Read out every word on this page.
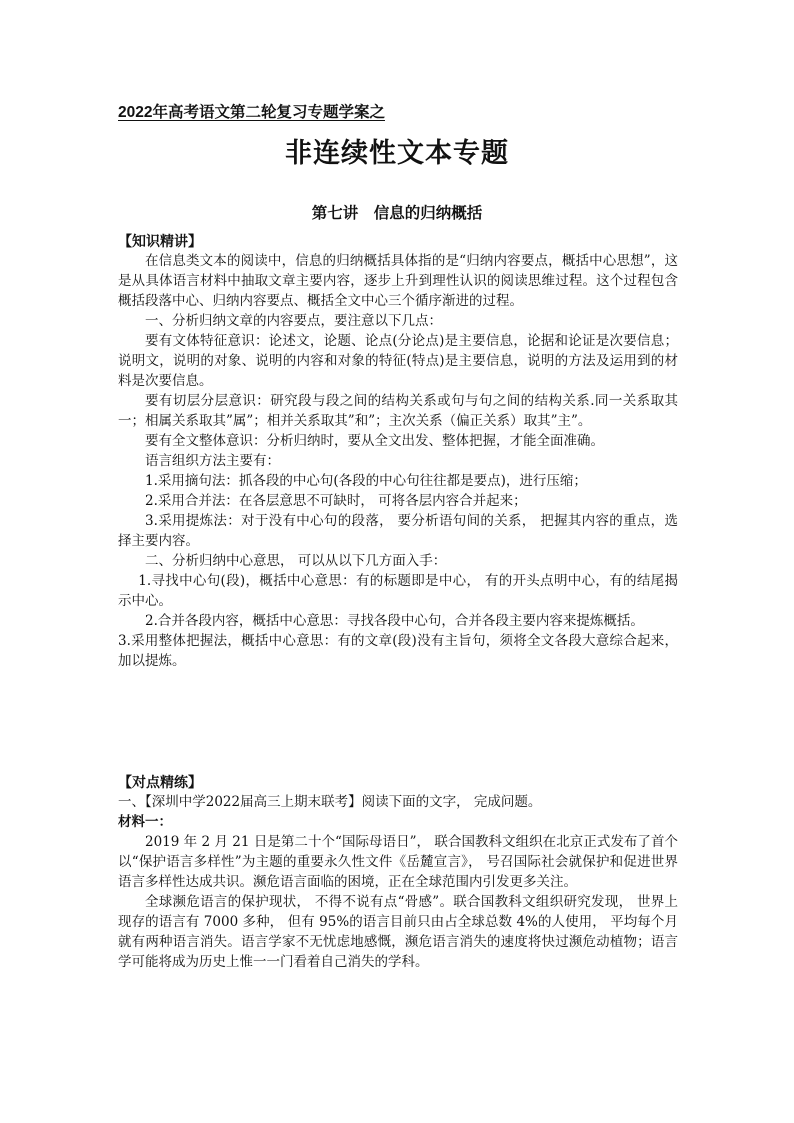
2022年高考语文第二轮复习专题学案之
非连续性文本专题
第七讲　信息的归纳概括
【知识精讲】

在信息类文本的阅读中，信息的归纳概括具体指的是“归纳内容要点，概括中心思想”，这是从具体语言材料中抽取文章主要内容，逐步上升到理性认识的阅读思维过程。这个过程包含概括段落中心、归纳内容要点、概括全文中心三个循序渐进的过程。

一、分析归纳文章的内容要点，要注意以下几点：

要有文体特征意识：论述文，论题、论点(分论点)是主要信息，论据和论证是次要信息；说明文，说明的对象、说明的内容和对象的特征(特点)是主要信息，说明的方法及运用到的材料是次要信息。

要有切层分层意识：研究段与段之间的结构关系或句与句之间的结构关系.同一关系取其一；相属关系取其”属”；相并关系取其”和”；主次关系（偏正关系）取其”主”。

要有全文整体意识：分析归纳时，要从全文出发、整体把握，才能全面准确。

语言组织方法主要有：

1.采用摘句法：抓各段的中心句(各段的中心句往往都是要点)，进行压缩；

2.采用合并法：在各层意思不可缺时， 可将各层内容合并起来；

3.采用提炼法：对于没有中心句的段落， 要分析语句间的关系， 把握其内容的重点，选择主要内容。

二、分析归纳中心意思， 可以从以下几方面入手：

1.寻找中心句(段)，概括中心意思：有的标题即是中心， 有的开头点明中心，有的结尾揭示中心。

2.合并各段内容，概括中心意思：寻找各段中心句，合并各段主要内容来提炼概括。

3.采用整体把握法，概括中心意思：有的文章(段)没有主旨句，须将全文各段大意综合起来，加以提炼。

【对点精练】

一、【深圳中学2022届高三上期末联考】阅读下面的文字， 完成问题。

材料一：

2019 年 2 月 21 日是第二十个“国际母语日”， 联合国教科文组织在北京正式发布了首个以“保护语言多样性”为主题的重要永久性文件《岳麓宣言》， 号召国际社会就保护和促进世界语言多样性达成共识。濒危语言面临的困境，正在全球范围内引发更多关注。

全球濒危语言的保护现状， 不得不说有点“骨感”。联合国教科文组织研究发现， 世界上现存的语言有 7000 多种， 但有 95%的语言目前只由占全球总数 4%的人使用， 平均每个月就有两种语言消失。语言学家不无忧虑地感慨，濒危语言消失的速度将快过濒危动植物；语言学可能将成为历史上惟一一门看着自己消失的学科。
